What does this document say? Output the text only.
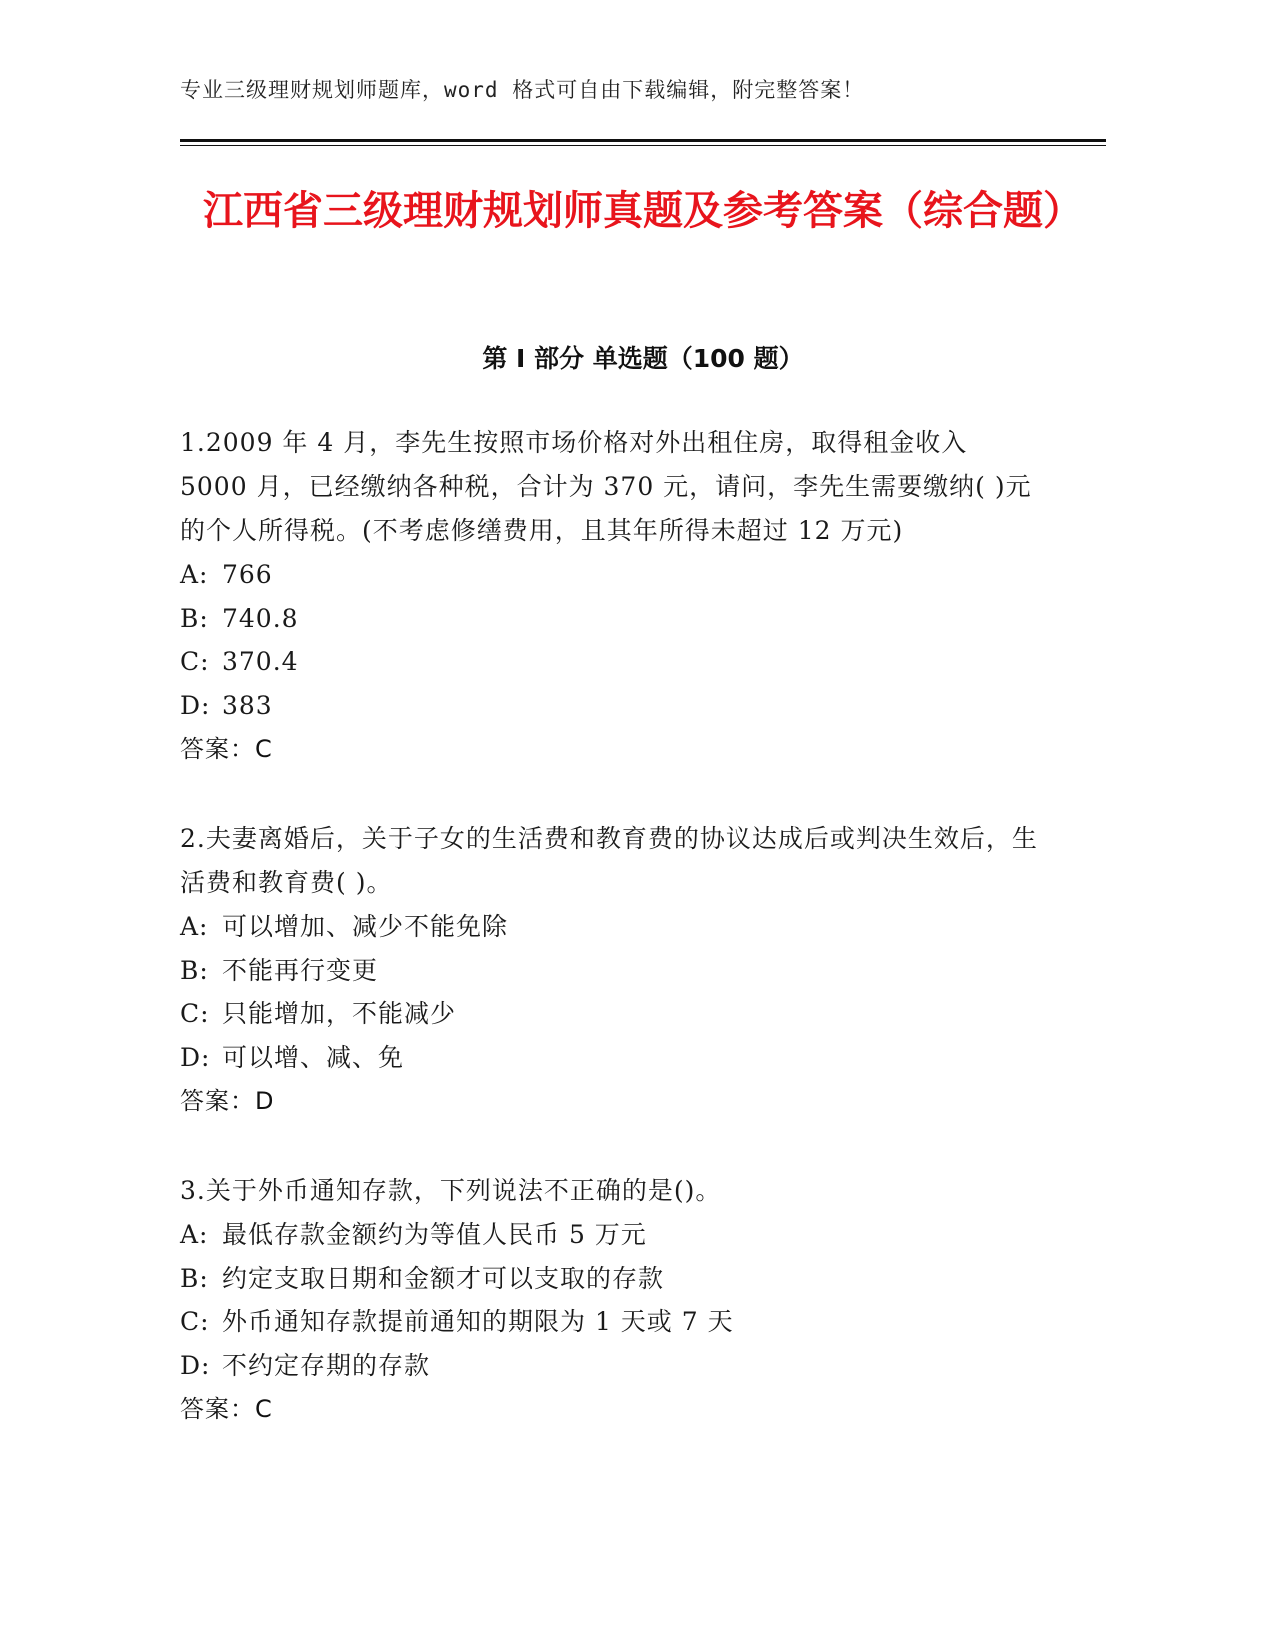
专业三级理财规划师题库，word 格式可自由下载编辑，附完整答案！
江西省三级理财规划师真题及参考答案（综合题）
第 I 部分 单选题（100 题）
1.2009 年 4 月，李先生按照市场价格对外出租住房，取得租金收入 5000 月，已经缴纳各种税，合计为 370 元，请问，李先生需要缴纳( )元的个人所得税。(不考虑修缮费用，且其年所得未超过 12 万元)
A: 766
B: 740.8
C: 370.4
D: 383
答案：C
2.夫妻离婚后，关于子女的生活费和教育费的协议达成后或判决生效后，生活费和教育费( )。
A: 可以增加、减少不能免除
B: 不能再行变更
C: 只能增加，不能减少
D: 可以增、减、免
答案：D
3.关于外币通知存款，下列说法不正确的是()。
A: 最低存款金额约为等值人民币 5 万元
B: 约定支取日期和金额才可以支取的存款
C: 外币通知存款提前通知的期限为 1 天或 7 天
D: 不约定存期的存款
答案：C
